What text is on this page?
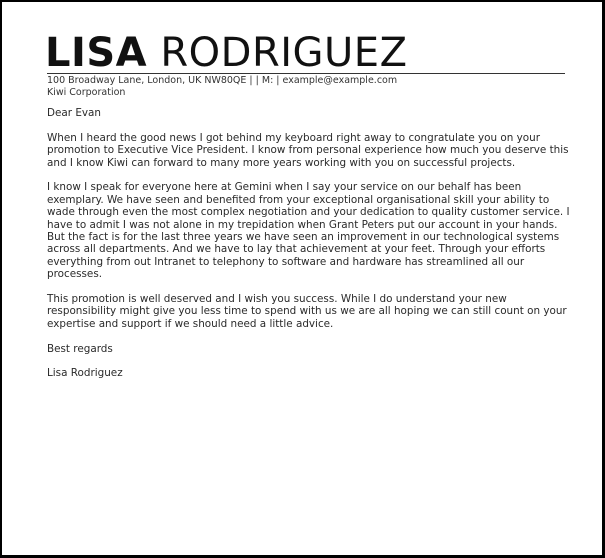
LISA RODRIGUEZ
100 Broadway Lane, London, UK NW80QE | | M: | example@example.com
Kiwi Corporation

Dear Evan

When I heard the good news I got behind my keyboard right away to congratulate you on your promotion to Executive Vice President. I know from personal experience how much you deserve this and I know Kiwi can forward to many more years working with you on successful projects.

I know I speak for everyone here at Gemini when I say your service on our behalf has been exemplary. We have seen and benefited from your exceptional organisational skill your ability to wade through even the most complex negotiation and your dedication to quality customer service. I have to admit I was not alone in my trepidation when Grant Peters put our account in your hands. But the fact is for the last three years we have seen an improvement in our technological systems across all departments. And we have to lay that achievement at your feet. Through your efforts everything from out Intranet to telephony to software and hardware has streamlined all our processes.

This promotion is well deserved and I wish you success. While I do understand your new responsibility might give you less time to spend with us we are all hoping we can still count on your expertise and support if we should need a little advice.

Best regards

Lisa Rodriguez
